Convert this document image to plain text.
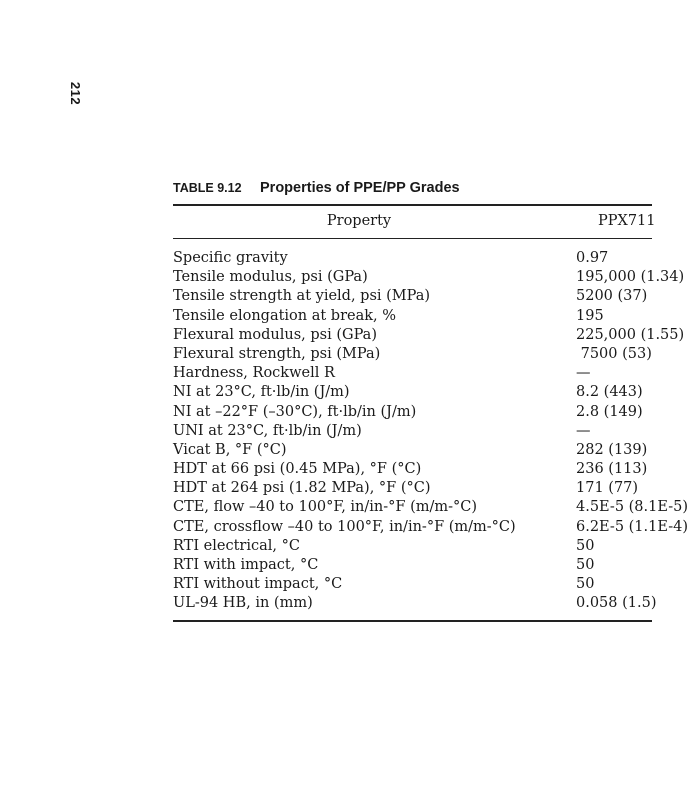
212
TABLE 9.12 Properties of PPE/PP Grades
Property	PPX711
Specific gravity	0.97
Tensile modulus, psi (GPa)	195,000 (1.34)
Tensile strength at yield, psi (MPa)	5200 (37)
Tensile elongation at break, %	195
Flexural modulus, psi (GPa)	225,000 (1.55)
Flexural strength, psi (MPa)	7500 (53)
Hardness, Rockwell R	—
NI at 23°C, ft·lb/in (J/m)	8.2 (443)
NI at –22°F (–30°C), ft·lb/in (J/m)	2.8 (149)
UNI at 23°C, ft·lb/in (J/m)	—
Vicat B, °F (°C)	282 (139)
HDT at 66 psi (0.45 MPa), °F (°C)	236 (113)
HDT at 264 psi (1.82 MPa), °F (°C)	171 (77)
CTE, flow –40 to 100°F, in/in-°F (m/m-°C)	4.5E-5 (8.1E-5)
CTE, crossflow –40 to 100°F, in/in-°F (m/m-°C)	6.2E-5 (1.1E-4)
RTI electrical, °C	50
RTI with impact, °C	50
RTI without impact, °C	50
UL-94 HB, in (mm)	0.058 (1.5)
